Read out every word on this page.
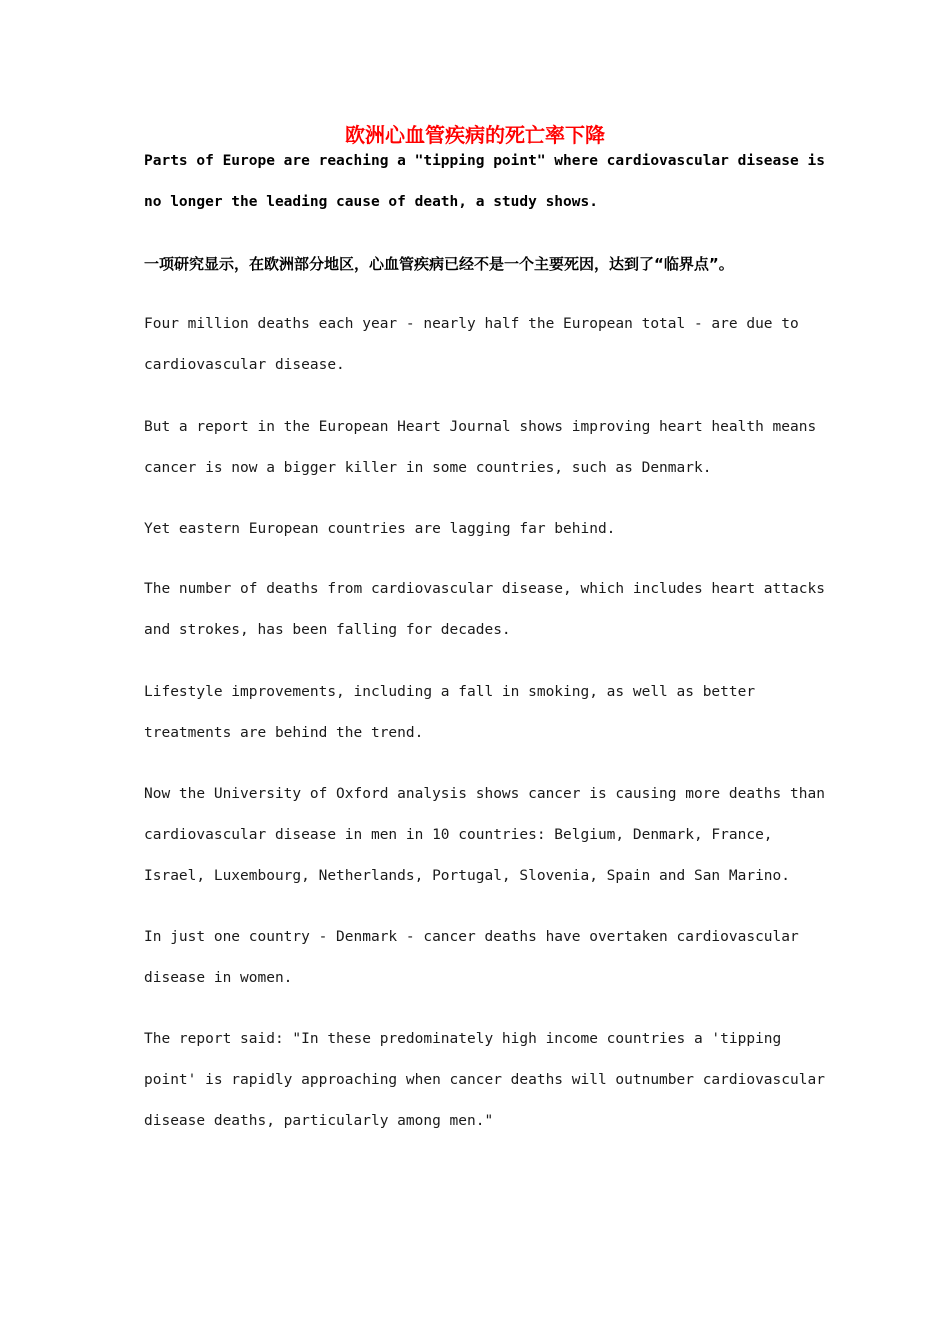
欧洲心血管疾病的死亡率下降

Parts of Europe are reaching a "tipping point" where cardiovascular disease is
no longer the leading cause of death, a study shows.

一项研究显示，在欧洲部分地区，心血管疾病已经不是一个主要死因，达到了“临界点”。

Four million deaths each year - nearly half the European total - are due to
cardiovascular disease.

But a report in the European Heart Journal shows improving heart health means
cancer is now a bigger killer in some countries, such as Denmark.

Yet eastern European countries are lagging far behind.

The number of deaths from cardiovascular disease, which includes heart attacks
and strokes, has been falling for decades.

Lifestyle improvements, including a fall in smoking, as well as better
treatments are behind the trend.

Now the University of Oxford analysis shows cancer is causing more deaths than
cardiovascular disease in men in 10 countries: Belgium, Denmark, France,
Israel, Luxembourg, Netherlands, Portugal, Slovenia, Spain and San Marino.

In just one country - Denmark - cancer deaths have overtaken cardiovascular
disease in women.

The report said: "In these predominately high income countries a 'tipping
point' is rapidly approaching when cancer deaths will outnumber cardiovascular
disease deaths, particularly among men."
